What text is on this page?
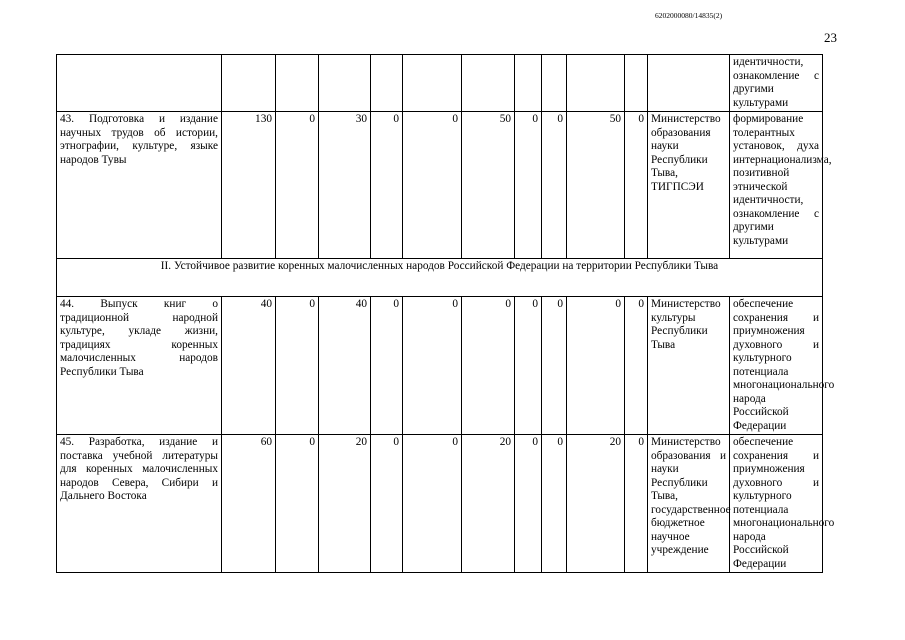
6202000080/14835(2)
23
												идентичности, ознакомление с другими культурами
43. Подготовка и издание научных трудов об истории, этнографии, культуре, языке народов Тувы	130	0	30	0	0	50	0	0	50	0	Министерство образования науки Республики Тыва, ТИГПСЭИ	формирование толерантных установок, духа интернационализма, позитивной этнической идентичности, ознакомление с другими культурами
II. Устойчивое развитие коренных малочисленных народов Российской Федерации на территории Республики Тыва												
44. Выпуск книг о традиционной народной культуре, укладе жизни, традициях коренных малочисленных народов Республики Тыва	40	0	40	0	0	0	0	0	0	0	Министерство культуры Республики Тыва	обеспечение сохранения и приумножения духовного и культурного потенциала многонационального народа Российской Федерации
45. Разработка, издание и поставка учебной литературы для коренных малочисленных народов Севера, Сибири и Дальнего Востока	60	0	20	0	0	20	0	0	20	0	Министерство образования и науки Республики Тыва, государственное бюджетное научное учреждение	обеспечение сохранения и приумножения духовного и культурного потенциала многонационального народа Российской Федерации
